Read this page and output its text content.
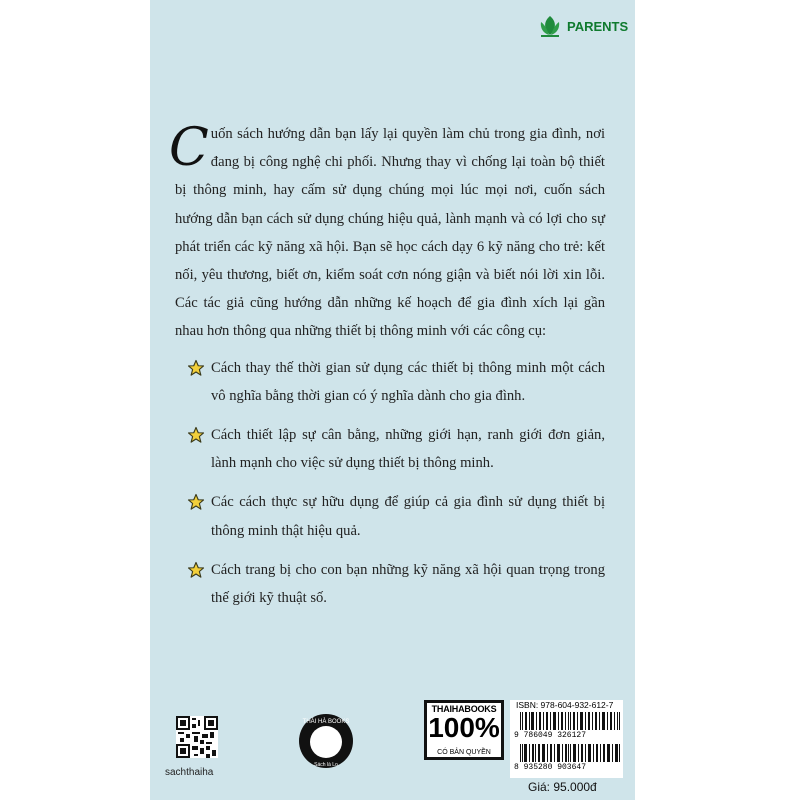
PARENTS

Cuốn sách hướng dẫn bạn lấy lại quyền làm chủ trong gia đình, nơi đang bị công nghệ chi phối. Nhưng thay vì chống lại toàn bộ thiết bị thông minh, hay cấm sử dụng chúng mọi lúc mọi nơi, cuốn sách hướng dẫn bạn cách sử dụng chúng hiệu quả, lành mạnh và có lợi cho sự phát triển các kỹ năng xã hội. Bạn sẽ học cách dạy 6 kỹ năng cho trẻ: kết nối, yêu thương, biết ơn, kiểm soát cơn nóng giận và biết nói lời xin lỗi. Các tác giả cũng hướng dẫn những kế hoạch để gia đình xích lại gần nhau hơn thông qua những thiết bị thông minh với các công cụ:

Cách thay thế thời gian sử dụng các thiết bị thông minh một cách vô nghĩa bằng thời gian có ý nghĩa dành cho gia đình.
Cách thiết lập sự cân bằng, những giới hạn, ranh giới đơn giản, lành mạnh cho việc sử dụng thiết bị thông minh.
Các cách thực sự hữu dụng để giúp cả gia đình sử dụng thiết bị thông minh thật hiệu quả.
Cách trang bị cho con bạn những kỹ năng xã hội quan trọng trong thế giới kỹ thuật số.
sachthaiha
THÁI HÀ BOOKS
Sách là Lo
THAIHABOOKS
100%
CÓ BẢN QUYỀN
ISBN: 978-604-932-612-7
9 786049 326127
8 935280 903647
Giá: 95.000đ
